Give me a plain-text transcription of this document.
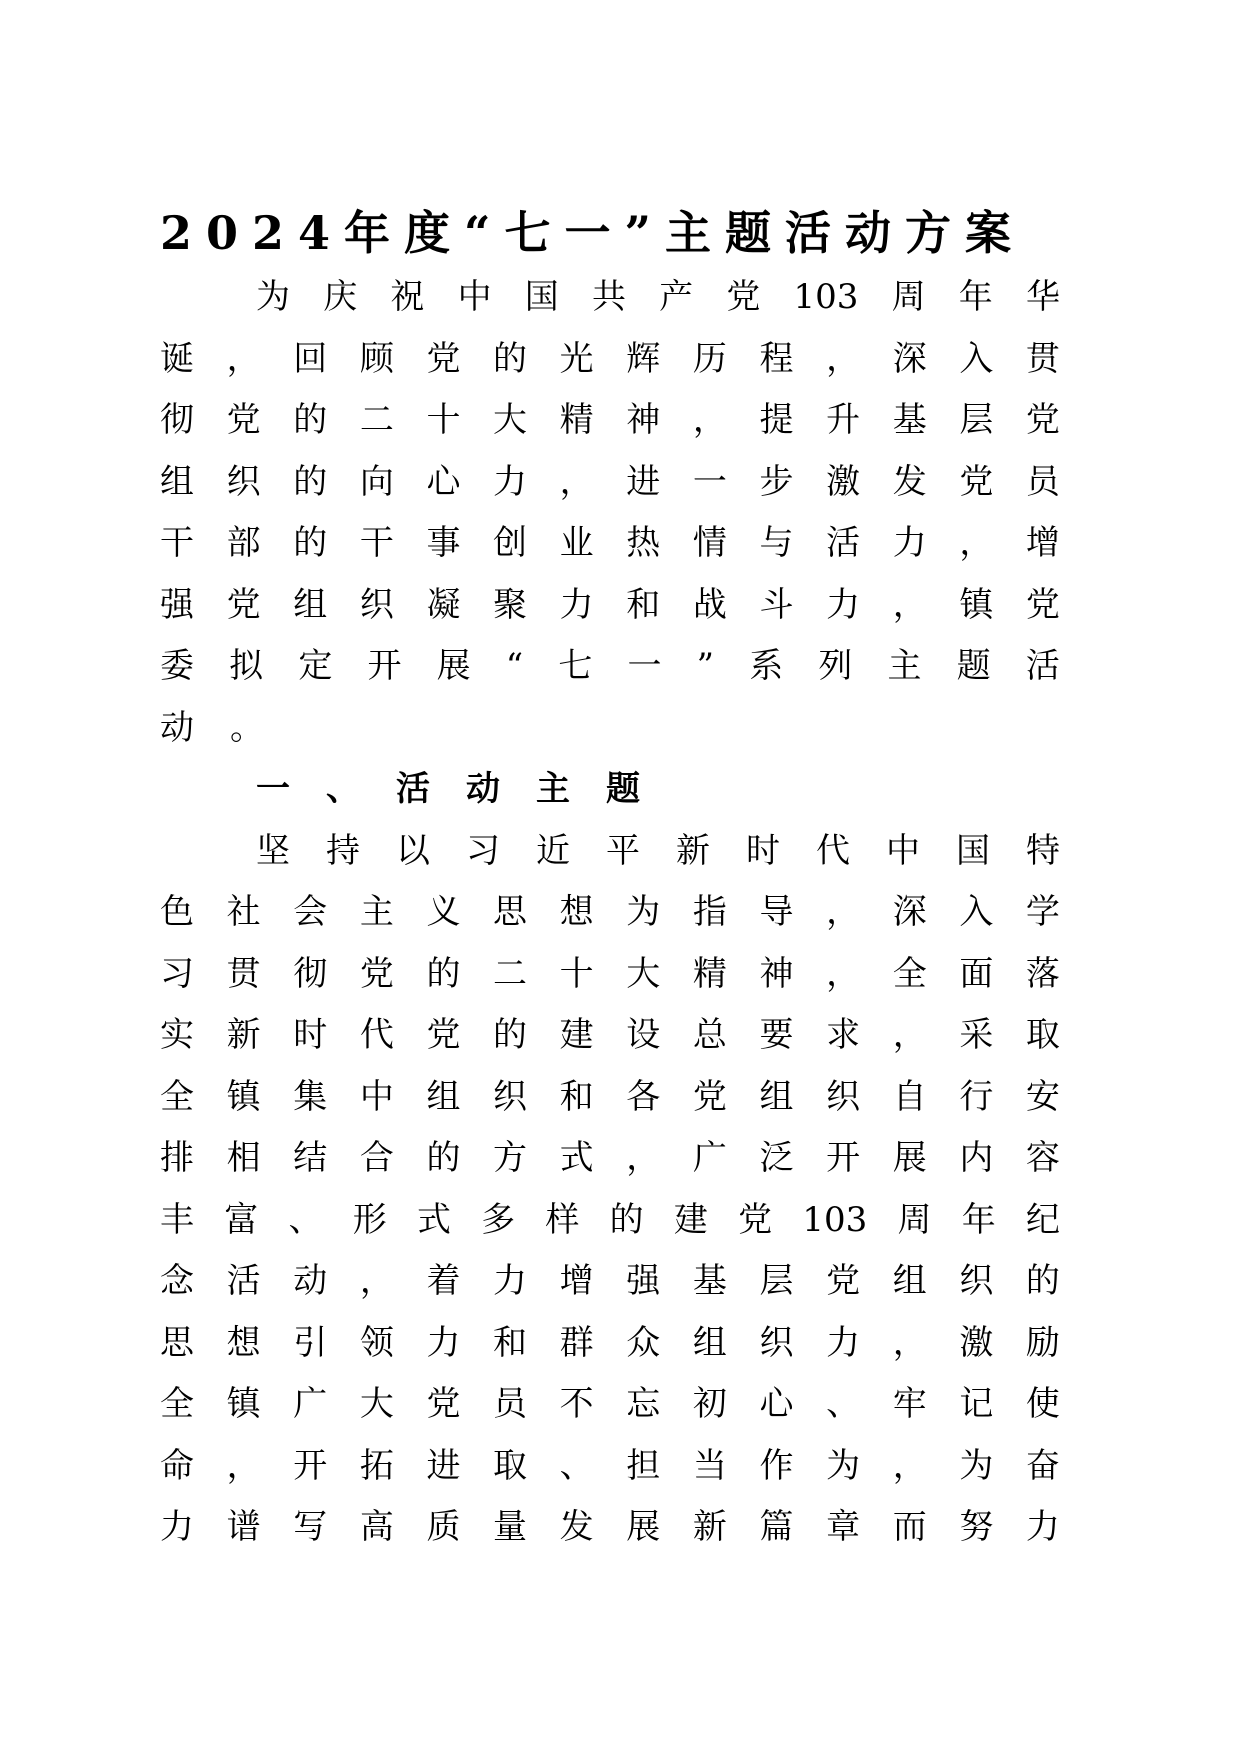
2024年度“七一”主题活动方案
为 庆 祝 中 国 共 产 党 103 周 年 华
诞 ， 回 顾 党 的 光 辉 历 程 ， 深 入 贯
彻 党 的 二 十 大 精 神 ， 提 升 基 层 党
组 织 的 向 心 力 ， 进 一 步 激 发 党 员
干 部 的 干 事 创 业 热 情 与 活 力 ， 增
强 党 组 织 凝 聚 力 和 战 斗 力 ， 镇 党
委 拟 定 开 展 “ 七 一 ” 系 列 主 题 活
动 。
一 、 活 动 主 题
坚 持 以 习 近 平 新 时 代 中 国 特
色 社 会 主 义 思 想 为 指 导 ， 深 入 学
习 贯 彻 党 的 二 十 大 精 神 ， 全 面 落
实 新 时 代 党 的 建 设 总 要 求 ， 采 取
全 镇 集 中 组 织 和 各 党 组 织 自 行 安
排 相 结 合 的 方 式 ， 广 泛 开 展 内 容
丰 富 、 形 式 多 样 的 建 党 103 周 年 纪
念 活 动 ， 着 力 增 强 基 层 党 组 织 的
思 想 引 领 力 和 群 众 组 织 力 ， 激 励
全 镇 广 大 党 员 不 忘 初 心 、 牢 记 使
命 ， 开 拓 进 取 、 担 当 作 为 ， 为 奋
力 谱 写 高 质 量 发 展 新 篇 章 而 努 力
